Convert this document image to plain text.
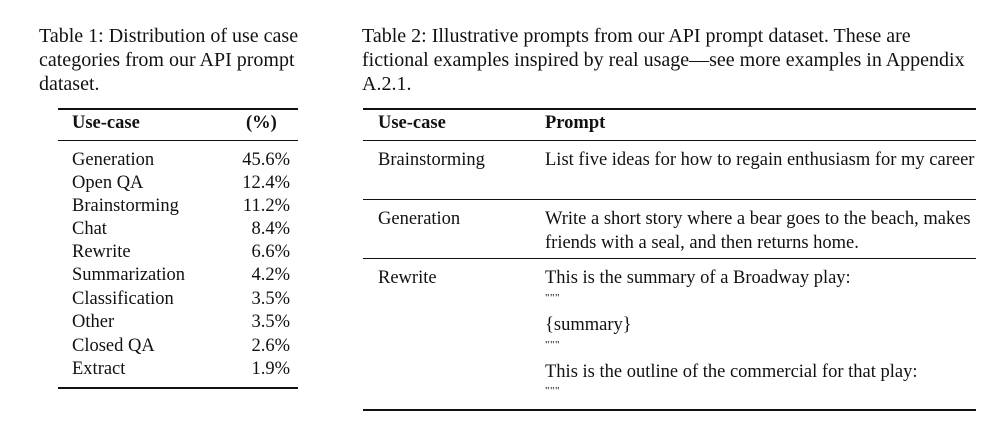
Table 1: Distribution of use case categories from our API prompt dataset.

Use-case	(%)
Generation	45.6%
Open QA	12.4%
Brainstorming	11.2%
Chat	8.4%
Rewrite	6.6%
Summarization	4.2%
Classification	3.5%
Other	3.5%
Closed QA	2.6%
Extract	1.9%

Table 2: Illustrative prompts from our API prompt dataset. These are fictional examples inspired by real usage—see more examples in Appendix A.2.1.

Use-case	Prompt
Brainstorming	List five ideas for how to regain enthusiasm for my career
Generation	Write a short story where a bear goes to the beach, makes friends with a seal, and then returns home.
Rewrite	This is the summary of a Broadway play:
"""
{summary}
"""
This is the outline of the commercial for that play:
"""
